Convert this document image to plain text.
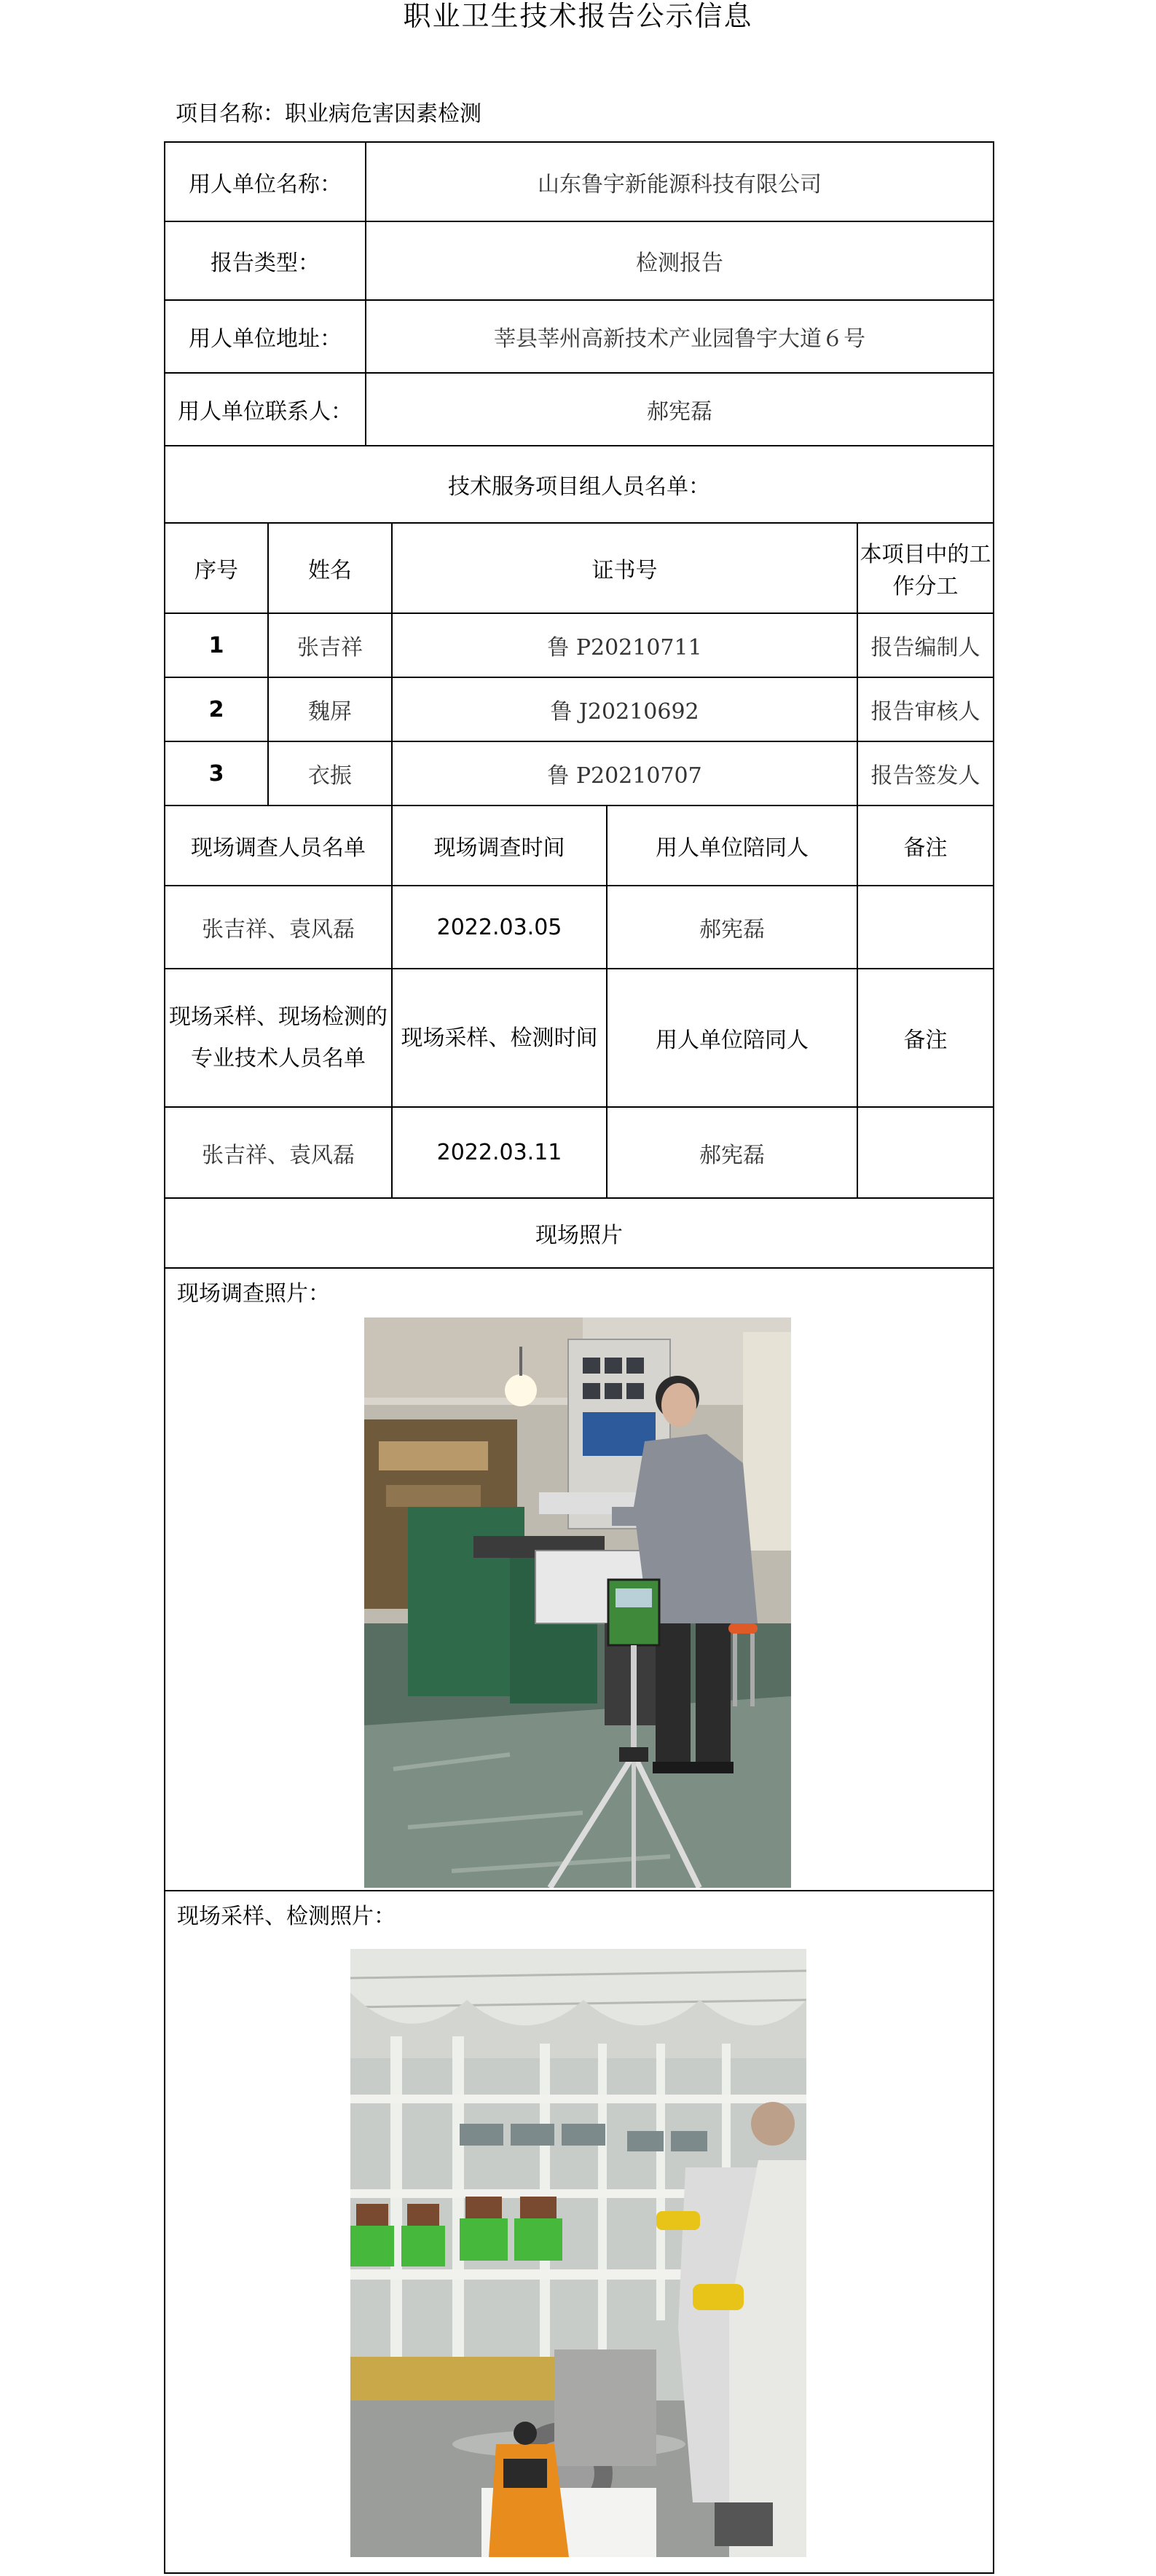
职业卫生技术报告公示信息
项目名称：职业病危害因素检测
用人单位名称：		山东鲁宇新能源科技有限公司			
报告类型：		检测报告			
用人单位地址：		莘县莘州高新技术产业园鲁宇大道６号			
用人单位联系人：		郝宪磊			
技术服务项目组人员名单：					
序号	姓名		证书号		本项目中的工作分工
1	张吉祥		鲁 P20210711		报告编制人
2	魏屏		鲁 J20210692		报告审核人
3	衣振		鲁 P20210707		报告签发人
现场调查人员名单			现场调查时间	用人单位陪同人	备注
张吉祥、袁风磊			2022.03.05	郝宪磊	
现场采样、现场检测的专业技术人员名单			现场采样、检测时间	用人单位陪同人	备注
张吉祥、袁风磊			2022.03.11	郝宪磊	
现场照片					

现场调查照片：					

现场采样、检测照片：					
